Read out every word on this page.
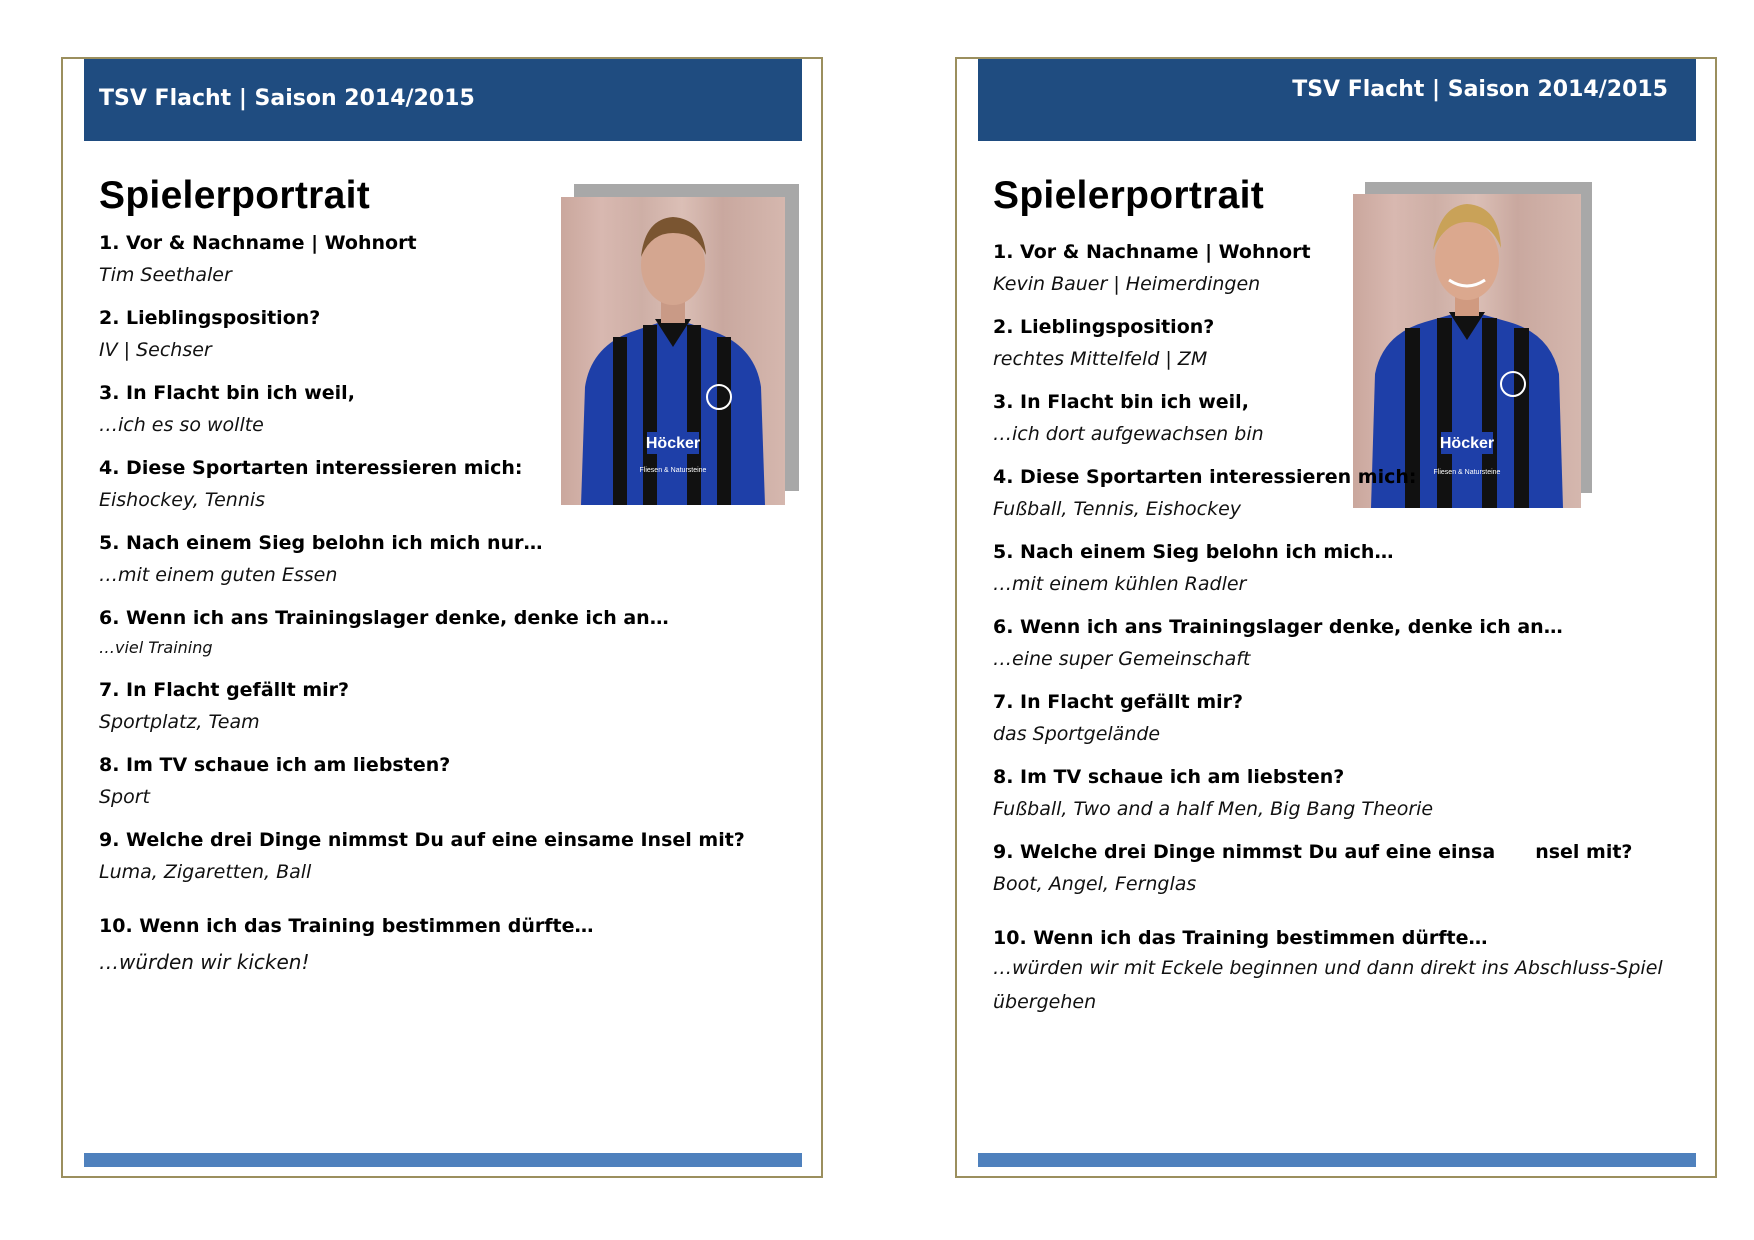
TSV Flacht | Saison 2014/2015
Spielerportrait
Höcker
Fliesen & Natursteine
1. Vor & Nachname | Wohnort
Tim Seethaler
2. Lieblingsposition?
IV | Sechser
3. In Flacht bin ich weil,
…ich es so wollte
4. Diese Sportarten interessieren mich:
Eishockey, Tennis
5. Nach einem Sieg belohn ich mich nur…
…mit einem guten Essen
6. Wenn ich ans Trainingslager denke, denke ich an…
…viel Training
7. In Flacht gefällt mir?
Sportplatz, Team
8. Im TV schaue ich am liebsten?
Sport
9. Welche drei Dinge nimmst Du auf eine einsame Insel mit?
Luma, Zigaretten, Ball
10. Wenn ich das Training bestimmen dürfte…
…würden wir kicken!
TSV Flacht | Saison 2014/2015
Spielerportrait
Höcker
Fliesen & Natursteine
1. Vor & Nachname | Wohnort
Kevin Bauer | Heimerdingen
2. Lieblingsposition?
rechtes Mittelfeld | ZM
3. In Flacht bin ich weil,
…ich dort aufgewachsen bin
4. Diese Sportarten interessieren mich:
Fußball, Tennis, Eishockey
5. Nach einem Sieg belohn ich mich…
…mit einem kühlen Radler
6. Wenn ich ans Trainingslager denke, denke ich an…
…eine super Gemeinschaft
7. In Flacht gefällt mir?
das Sportgelände
8. Im TV schaue ich am liebsten?
Fußball, Two and a half Men, Big Bang Theorie
9. Welche drei Dinge nimmst Du auf eine einsa nsel mit?
Boot, Angel, Fernglas
10. Wenn ich das Training bestimmen dürfte…
…würden wir mit Eckele beginnen und dann direkt ins Abschluss-Spiel übergehen
